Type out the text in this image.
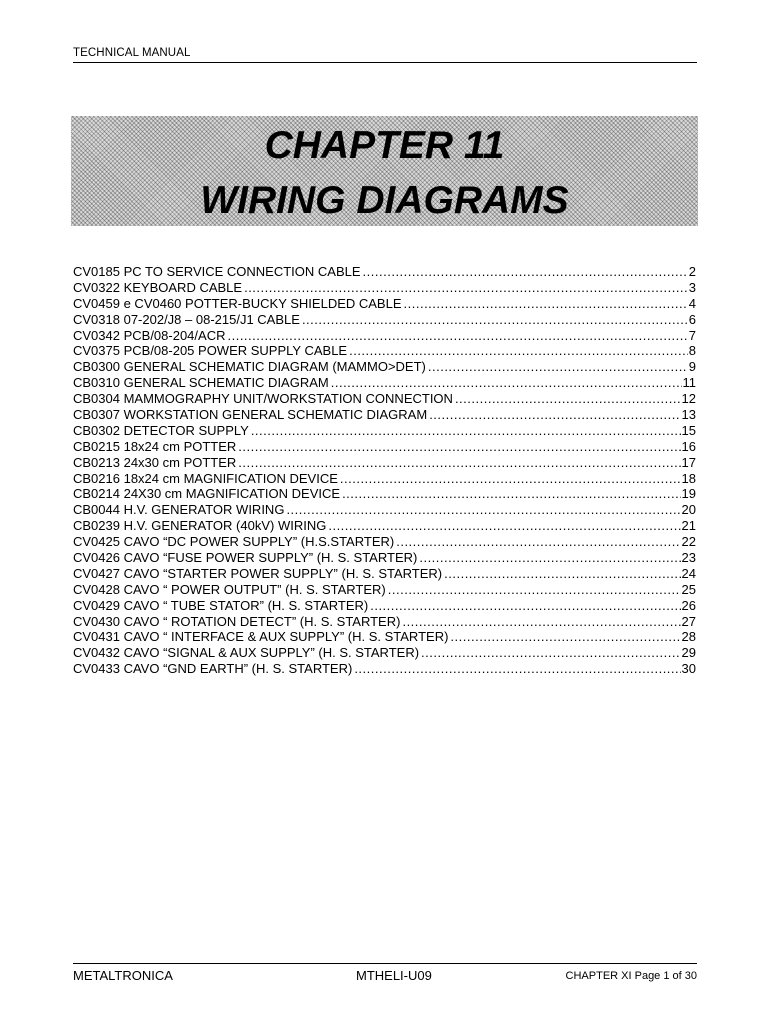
TECHNICAL MANUAL
CHAPTER 11
WIRING DIAGRAMS
CV0185 PC TO SERVICE CONNECTION CABLE .....	2
CV0322 KEYBOARD CABLE .....	3
CV0459 e CV0460 POTTER-BUCKY SHIELDED CABLE .....	4
CV0318 07-202/J8 – 08-215/J1 CABLE .....	6
CV0342 PCB/08-204/ACR .....	7
CV0375 PCB/08-205 POWER SUPPLY CABLE .....	8
CB0300 GENERAL SCHEMATIC DIAGRAM (MAMMO>DET) .....	9
CB0310 GENERAL SCHEMATIC DIAGRAM .....	11
CB0304 MAMMOGRAPHY UNIT/WORKSTATION CONNECTION .....	12
CB0307 WORKSTATION GENERAL SCHEMATIC DIAGRAM .....	13
CB0302 DETECTOR SUPPLY .....	15
CB0215 18x24 cm POTTER .....	16
CB0213 24x30 cm POTTER .....	17
CB0216 18x24 cm MAGNIFICATION DEVICE .....	18
CB0214 24X30 cm MAGNIFICATION DEVICE .....	19
CB0044 H.V. GENERATOR WIRING .....	20
CB0239 H.V. GENERATOR (40kV) WIRING .....	21
CV0425 CAVO “DC POWER SUPPLY” (H.S.STARTER) .....	22
CV0426 CAVO “FUSE POWER SUPPLY” (H. S. STARTER) .....	23
CV0427 CAVO “STARTER POWER SUPPLY” (H. S. STARTER) .....	24
CV0428 CAVO “ POWER OUTPUT” (H. S. STARTER) .....	25
CV0429 CAVO “ TUBE STATOR” (H. S. STARTER) .....	26
CV0430 CAVO “ ROTATION DETECT” (H. S. STARTER) .....	27
CV0431 CAVO “ INTERFACE & AUX SUPPLY” (H. S. STARTER) .....	28
CV0432 CAVO “SIGNAL & AUX SUPPLY” (H. S. STARTER) .....	29
CV0433 CAVO “GND EARTH” (H. S. STARTER) .....	30
METALTRONICA	MTHELI-U09	CHAPTER XI Page 1 of 30
